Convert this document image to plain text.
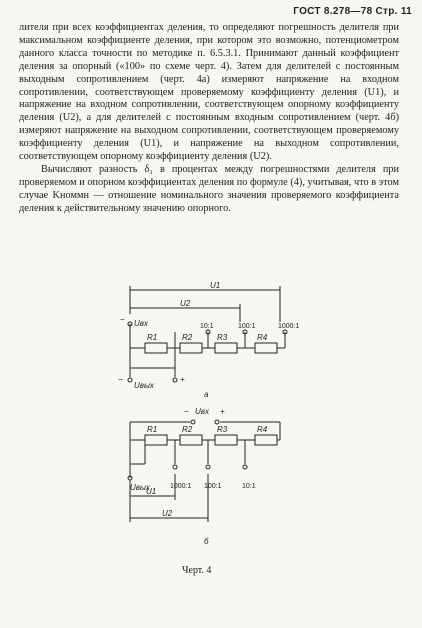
ГОСТ 8.278—78 Стр. 11

лителя при всех коэффициентах деления, то определяют погрешность делителя при максимальном коэффициенте деления, при котором это возможно, потенциометром данного класса точности по методике п. 6.5.3.1. Принимают данный коэффициент деления за опорный («100» по схеме черт. 4). Затем для делителей с постоянным выходным сопротивлением (черт. 4а) измеряют напряжение на входном сопротивлении, соответствующем проверяемому коэффициенту деления (U1), и напряжение на входном сопротивлении, соответствующем опорному коэффициенту деления (U2), а для делителей с постоянным входным сопротивлением (черт. 4б) измеряют напряжение на выходном сопротивлении, соответствующем проверяемому коэффициенту деления (U1), и напряжение на выходном сопротивлении, соответствующем опорному коэффициенту деления (U2).

Вычисляют разность δ₁ в процентах между погрешностями делителя при проверяемом и опорном коэффициентах деления по формуле (4), учитывая, что в этом случае Kноммн — отношение номинального значения проверяемого коэффициента деления к действительному значению опорного.

U1
U2
− Uвх	10:1	100:1	1000:1
R1	R2	R3	R4
−
Uвых
+
а
− Uвх +
R1	R2	R3	R4
Uвых	1000:1 100:1	10:1
U1
U2
б
Черт. 4
